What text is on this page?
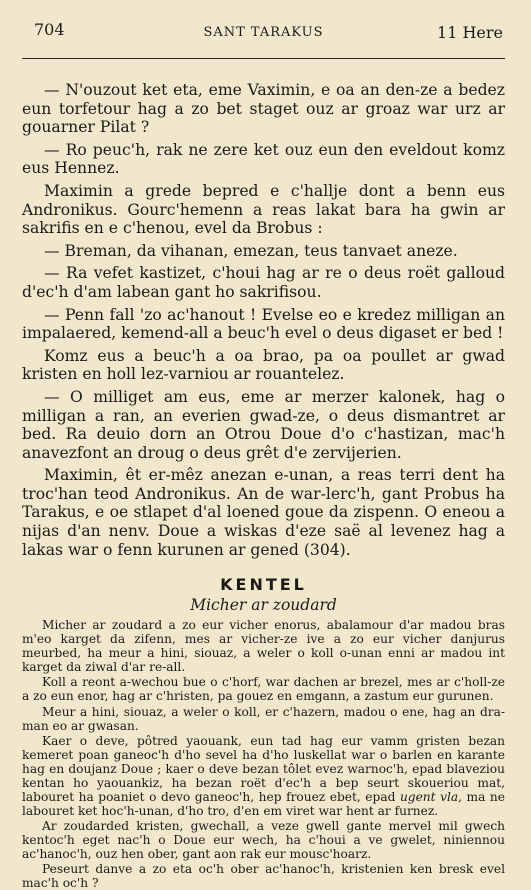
704	SANT TARAKUS	11 Here

— N'ouzout ket eta, eme Vaximin, e oa an den-ze a bedez eun torfetour hag a zo bet staget ouz ar groaz war urz ar gouarner Pilat ?

— Ro peuc'h, rak ne zere ket ouz eun den eveldout komz eus Hennez.

Maximin a grede bepred e c'hallje dont a benn eus Andronikus. Gourc'hemenn a reas lakat bara ha gwin ar sakrifis en e c'henou, evel da Brobus :

— Breman, da vihanan, emezan, teus tanvaet aneze.

— Ra vefet kastizet, c'houi hag ar re o deus roët galloud d'ec'h d'am labean gant ho sakrifisou.

— Penn fall 'zo ac'hanout ! Evelse eo e kredez milligan an impalaered, kemend-all a beuc'h evel o deus digaset er bed !

Komz eus a beuc'h a oa brao, pa oa poullet ar gwad kristen en holl lez-varniou ar rouantelez.

— O milliget am eus, eme ar merzer kalonek, hag o milligan a ran, an everien gwad-ze, o deus dismantret ar bed. Ra deuio dorn an Otrou Doue d'o c'hastizan, mac'h anavezfont an droug o deus grêt d'e zervijerien.

Maximin, êt er-mêz anezan e-unan, a reas terri dent ha troc'han teod Andronikus. An de war-lerc'h, gant Probus ha Tarakus, e oe stlapet d'al loened goue da zispenn. O eneou a nijas d'an nenv. Doue a wiskas d'eze saë al levenez hag a lakas war o fenn kurunen ar gened (304).

KENTEL
Micher ar zoudard

Micher ar zoudard a zo eur vicher enorus, abalamour d'ar madou bras m'eo karget da zifenn, mes ar vicher-ze ive a zo eur vicher danjurus meurbed, ha meur a hini, siouaz, a weler o koll o-unan enni ar madou int karget da ziwal d'ar re-all.

Koll a reont a-wechou bue o c'horf, war dachen ar brezel, mes ar c'holl-ze a zo eun enor, hag ar c'hristen, pa gouez en emgann, a zastum eur gurunen.

Meur a hini, siouaz, a weler o koll, er c'hazern, madou o ene, hag an dra-man eo ar gwasan.

Kaer o deve, pôtred yaouank, eun tad hag eur vamm gristen bezan kemeret poan ganeoc'h d'ho sevel ha d'ho luskellat war o barlen en karante hag en doujanz Doue ; kaer o deve bezan tôlet evez warnoc'h, epad blaveziou kentan ho yaouankiz, ha bezan roët d'ec'h a bep seurt skoueriou mat, labouret ha poaniet o devo ganeoc'h, hep frouez ebet, epad ugent vla, ma ne labouret ket hoc'h-unan, d'ho tro, d'en em viret war hent ar furnez.

Ar zoudarded kristen, gwechall, a veze gwell gante mervel mil gwech kentoc'h eget nac'h o Doue eur wech, ha c'houi a ve gwelet, niniennou ac'hanoc'h, ouz hen ober, gant aon rak eur mousc'hoarz.

Peseurt danve a zo eta oc'h ober ac'hanoc'h, kristenien ken bresk evel mac'h oc'h ?
